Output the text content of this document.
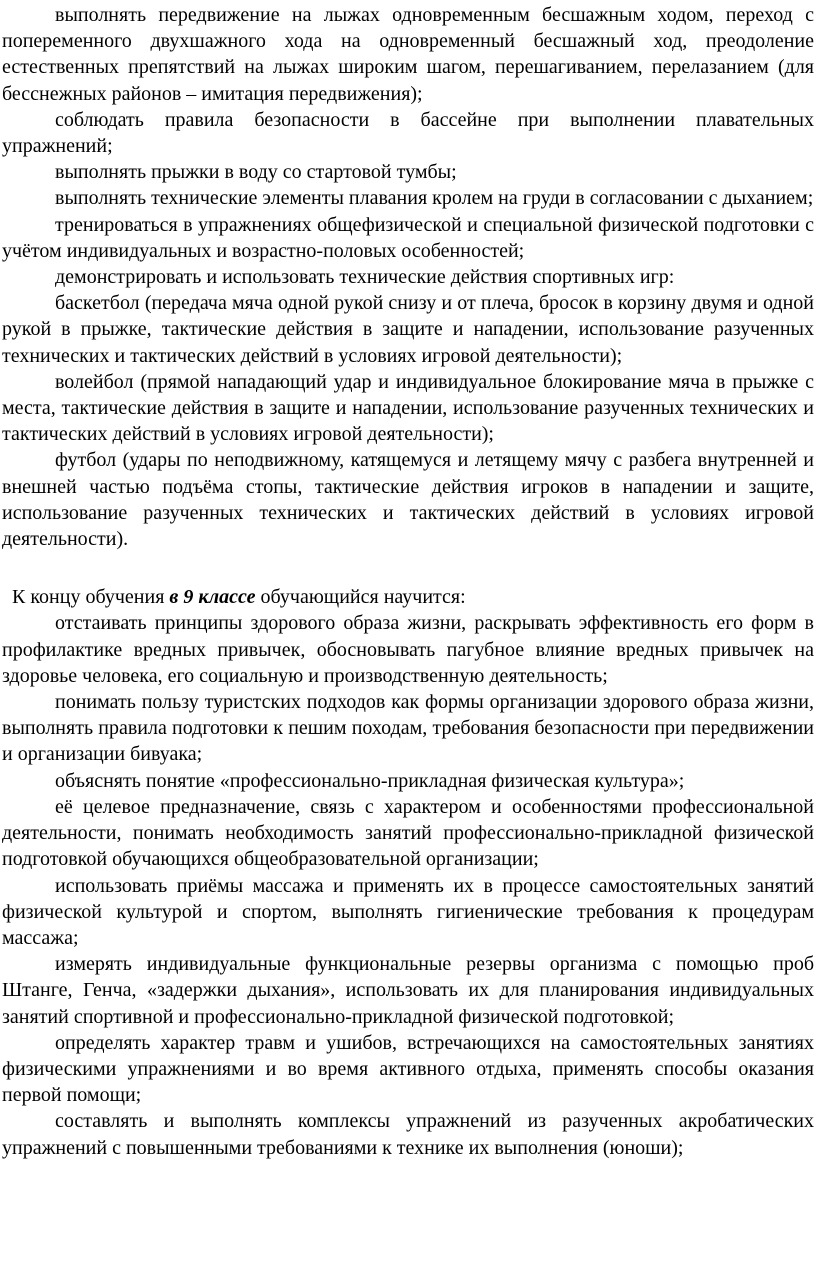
выполнять передвижение на лыжах одновременным бесшажным ходом, переход с попеременного двухшажного хода на одновременный бесшажный ход, преодоление естественных препятствий на лыжах широким шагом, перешагиванием, перелазанием (для бесснежных районов – имитация передвижения);

соблюдать правила безопасности в бассейне при выполнении плавательных упражнений;

выполнять прыжки в воду со стартовой тумбы;

выполнять технические элементы плавания кролем на груди в согласовании с дыханием;

тренироваться в упражнениях общефизической и специальной физической подготовки с учётом индивидуальных и возрастно-половых особенностей;

демонстрировать и использовать технические действия спортивных игр:

баскетбол (передача мяча одной рукой снизу и от плеча, бросок в корзину двумя и одной рукой в прыжке, тактические действия в защите и нападении, использование разученных технических и тактических действий в условиях игровой деятельности);

волейбол (прямой нападающий удар и индивидуальное блокирование мяча в прыжке с места, тактические действия в защите и нападении, использование разученных технических и тактических действий в условиях игровой деятельности);

футбол (удары по неподвижному, катящемуся и летящему мячу с разбега внутренней и внешней частью подъёма стопы, тактические действия игроков в нападении и защите, использование разученных технических и тактических действий в условиях игровой деятельности).

К концу обучения в 9 классе обучающийся научится:

отстаивать принципы здорового образа жизни, раскрывать эффективность его форм в профилактике вредных привычек, обосновывать пагубное влияние вредных привычек на здоровье человека, его социальную и производственную деятельность;

понимать пользу туристских подходов как формы организации здорового образа жизни, выполнять правила подготовки к пешим походам, требования безопасности при передвижении и организации бивуака;

объяснять понятие «профессионально-прикладная физическая культура»;

её целевое предназначение, связь с характером и особенностями профессиональной деятельности, понимать необходимость занятий профессионально-прикладной физической подготовкой обучающихся общеобразовательной организации;

использовать приёмы массажа и применять их в процессе самостоятельных занятий физической культурой и спортом, выполнять гигиенические требования к процедурам массажа;

измерять индивидуальные функциональные резервы организма с помощью проб Штанге, Генча, «задержки дыхания», использовать их для планирования индивидуальных занятий спортивной и профессионально-прикладной физической подготовкой;

определять характер травм и ушибов, встречающихся на самостоятельных занятиях физическими упражнениями и во время активного отдыха, применять способы оказания первой помощи;

составлять и выполнять комплексы упражнений из разученных акробатических упражнений с повышенными требованиями к технике их выполнения (юноши);
